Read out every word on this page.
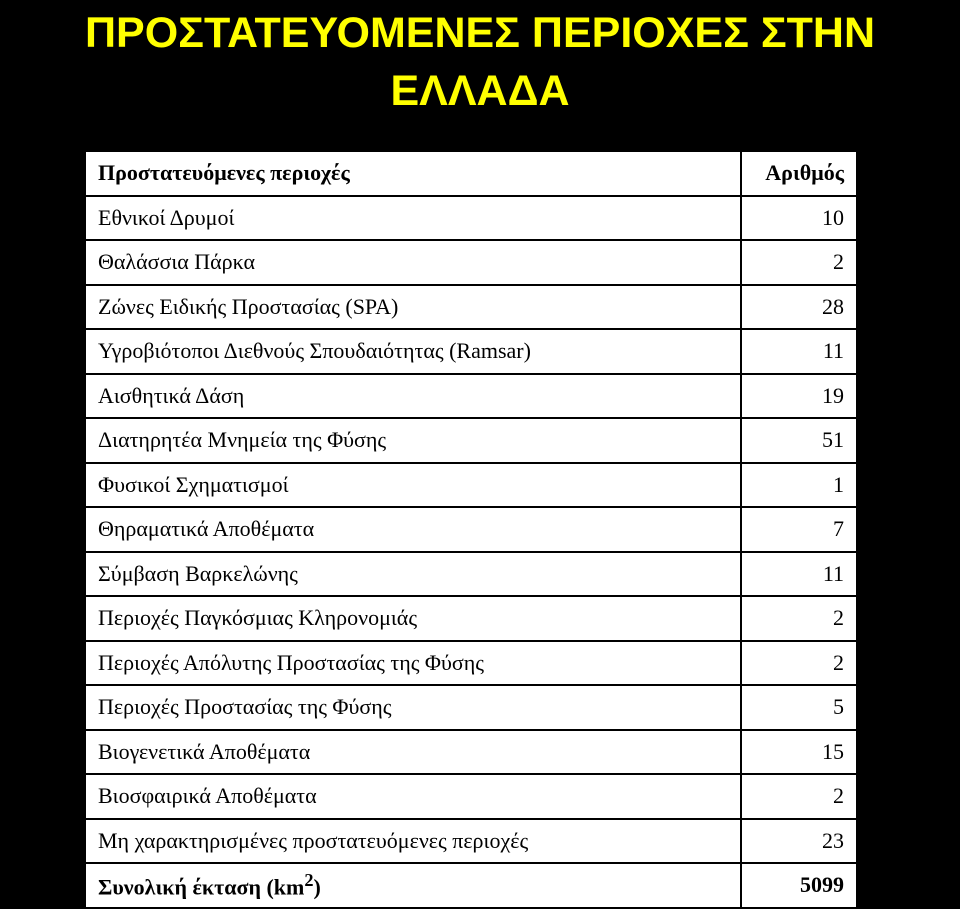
ΠΡΟΣΤΑΤΕΥΟΜΕΝΕΣ ΠΕΡΙΟΧΕΣ ΣΤΗΝ
ΕΛΛΑΔΑ
Προστατευόμενες περιοχές	Αριθμός
Εθνικοί Δρυμοί	10
Θαλάσσια Πάρκα	2
Ζώνες Ειδικής Προστασίας (SPA)	28
Υγροβιότοποι Διεθνούς Σπουδαιότητας (Ramsar)	11
Αισθητικά Δάση	19
Διατηρητέα Μνημεία της Φύσης	51
Φυσικοί Σχηματισμοί	1
Θηραματικά Αποθέματα	7
Σύμβαση Βαρκελώνης	11
Περιοχές Παγκόσμιας Κληρονομιάς	2
Περιοχές Απόλυτης Προστασίας της Φύσης	2
Περιοχές Προστασίας της Φύσης	5
Βιογενετικά Αποθέματα	15
Βιοσφαιρικά Αποθέματα	2
Μη χαρακτηρισμένες προστατευόμενες περιοχές	23
Συνολική έκταση $(km^2)$	5099
